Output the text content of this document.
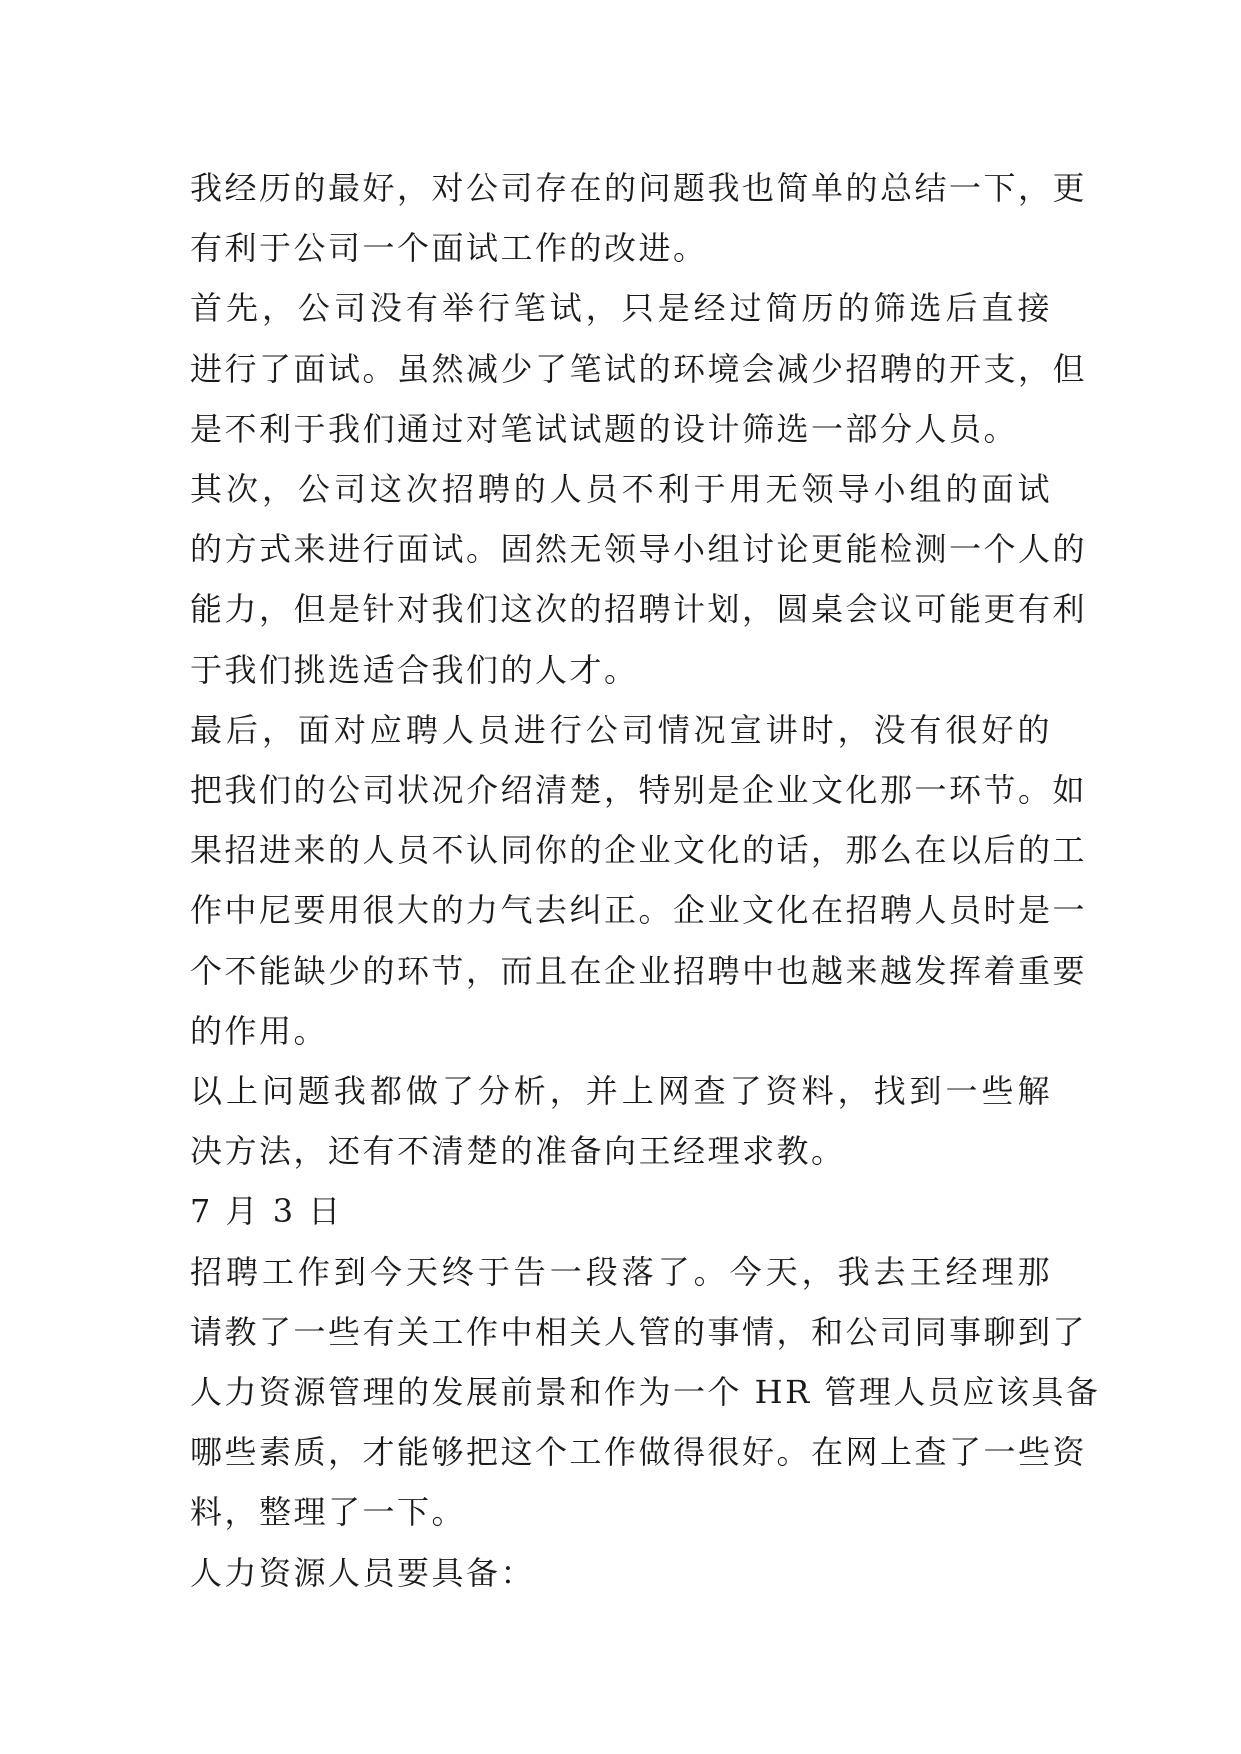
我经历的最好，对公司存在的问题我也简单的总结一下，更
有利于公司一个面试工作的改进。
首先，公司没有举行笔试，只是经过简历的筛选后直接
进行了面试。虽然减少了笔试的环境会减少招聘的开支，但
是不利于我们通过对笔试试题的设计筛选一部分人员。
其次，公司这次招聘的人员不利于用无领导小组的面试
的方式来进行面试。固然无领导小组讨论更能检测一个人的
能力，但是针对我们这次的招聘计划，圆桌会议可能更有利
于我们挑选适合我们的人才。
最后，面对应聘人员进行公司情况宣讲时，没有很好的
把我们的公司状况介绍清楚，特别是企业文化那一环节。如
果招进来的人员不认同你的企业文化的话，那么在以后的工
作中尼要用很大的力气去纠正。企业文化在招聘人员时是一
个不能缺少的环节，而且在企业招聘中也越来越发挥着重要
的作用。
以上问题我都做了分析，并上网查了资料，找到一些解
决方法，还有不清楚的准备向王经理求教。
7 月 3 日
招聘工作到今天终于告一段落了。今天，我去王经理那
请教了一些有关工作中相关人管的事情，和公司同事聊到了
人力资源管理的发展前景和作为一个 HR 管理人员应该具备
哪些素质，才能够把这个工作做得很好。在网上查了一些资
料，整理了一下。
人力资源人员要具备：
